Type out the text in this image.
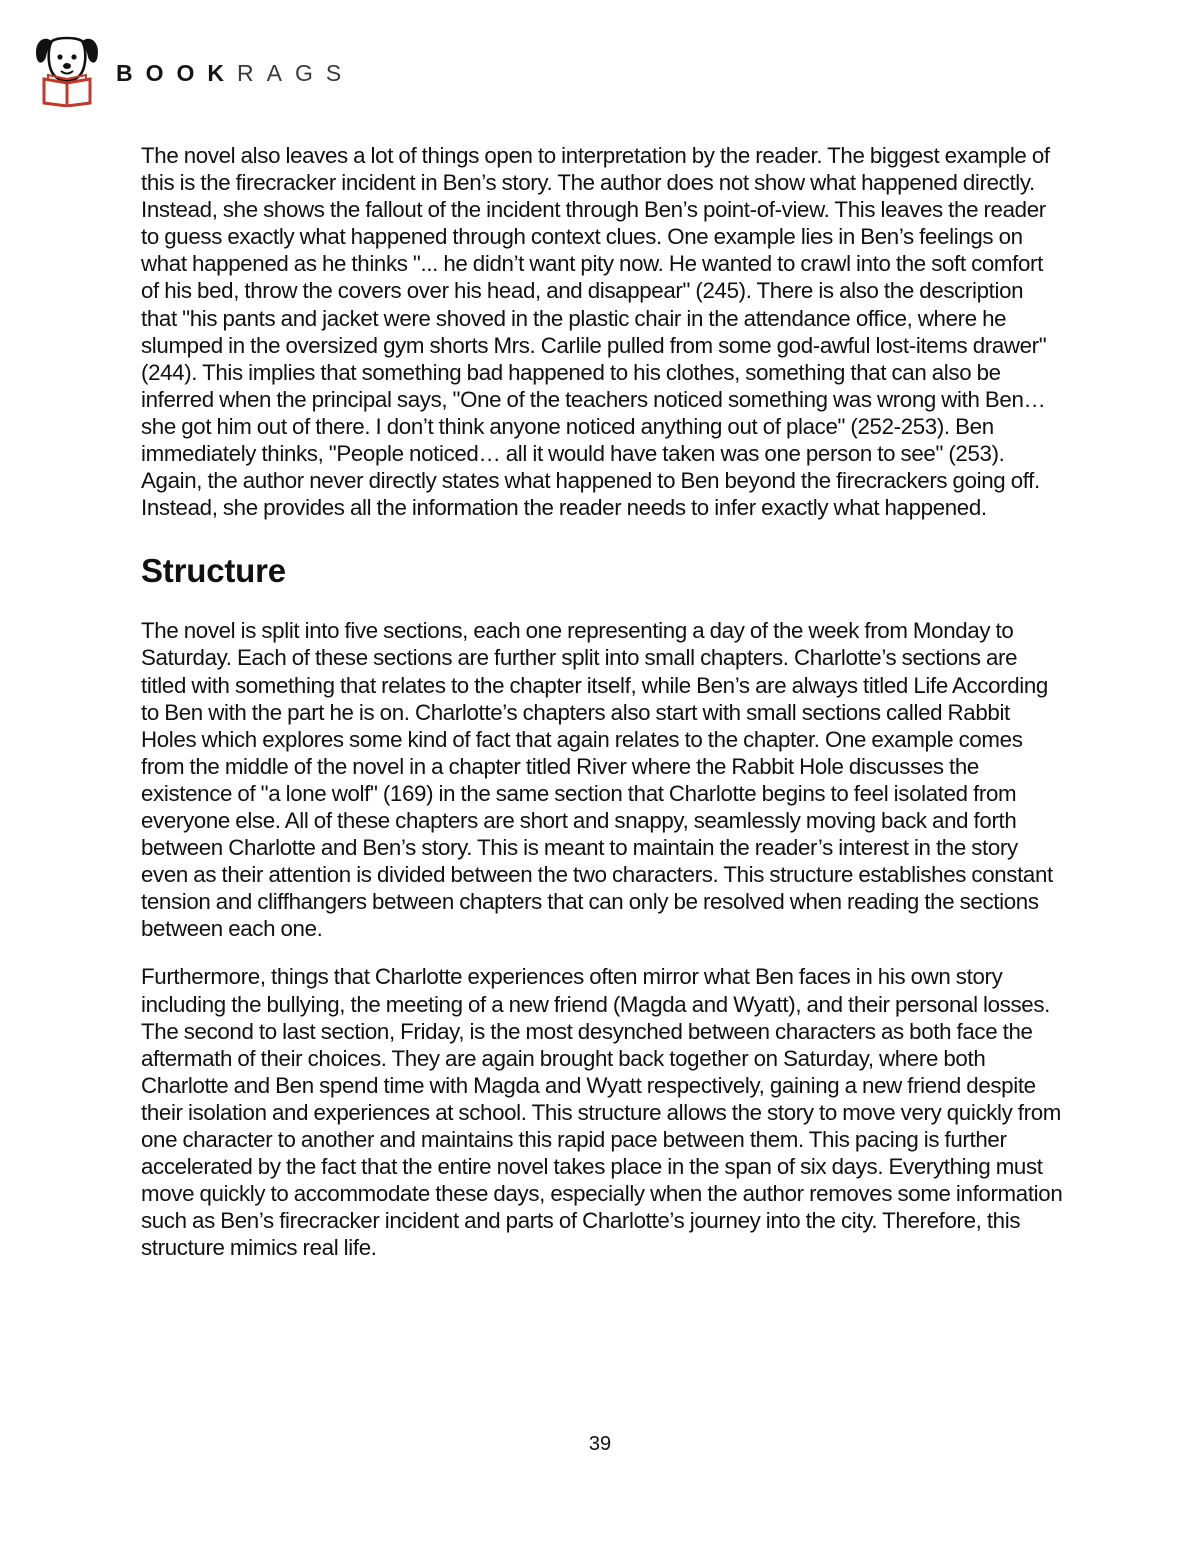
BOOKRAGS

The novel also leaves a lot of things open to interpretation by the reader. The biggest example of this is the firecracker incident in Ben’s story. The author does not show what happened directly. Instead, she shows the fallout of the incident through Ben’s point-of-view. This leaves the reader to guess exactly what happened through context clues. One example lies in Ben’s feelings on what happened as he thinks "... he didn’t want pity now. He wanted to crawl into the soft comfort of his bed, throw the covers over his head, and disappear" (245). There is also the description that "his pants and jacket were shoved in the plastic chair in the attendance office, where he slumped in the oversized gym shorts Mrs. Carlile pulled from some god-awful lost-items drawer" (244). This implies that something bad happened to his clothes, something that can also be inferred when the principal says, "One of the teachers noticed something was wrong with Ben… she got him out of there. I don’t think anyone noticed anything out of place" (252-253). Ben immediately thinks, "People noticed… all it would have taken was one person to see" (253). Again, the author never directly states what happened to Ben beyond the firecrackers going off. Instead, she provides all the information the reader needs to infer exactly what happened.

Structure

The novel is split into five sections, each one representing a day of the week from Monday to Saturday. Each of these sections are further split into small chapters. Charlotte’s sections are titled with something that relates to the chapter itself, while Ben’s are always titled Life According to Ben with the part he is on. Charlotte’s chapters also start with small sections called Rabbit Holes which explores some kind of fact that again relates to the chapter. One example comes from the middle of the novel in a chapter titled River where the Rabbit Hole discusses the existence of "a lone wolf" (169) in the same section that Charlotte begins to feel isolated from everyone else. All of these chapters are short and snappy, seamlessly moving back and forth between Charlotte and Ben’s story. This is meant to maintain the reader’s interest in the story even as their attention is divided between the two characters. This structure establishes constant tension and cliffhangers between chapters that can only be resolved when reading the sections between each one.

Furthermore, things that Charlotte experiences often mirror what Ben faces in his own story including the bullying, the meeting of a new friend (Magda and Wyatt), and their personal losses. The second to last section, Friday, is the most desynched between characters as both face the aftermath of their choices. They are again brought back together on Saturday, where both Charlotte and Ben spend time with Magda and Wyatt respectively, gaining a new friend despite their isolation and experiences at school. This structure allows the story to move very quickly from one character to another and maintains this rapid pace between them. This pacing is further accelerated by the fact that the entire novel takes place in the span of six days. Everything must move quickly to accommodate these days, especially when the author removes some information such as Ben’s firecracker incident and parts of Charlotte’s journey into the city. Therefore, this structure mimics real life.

39
